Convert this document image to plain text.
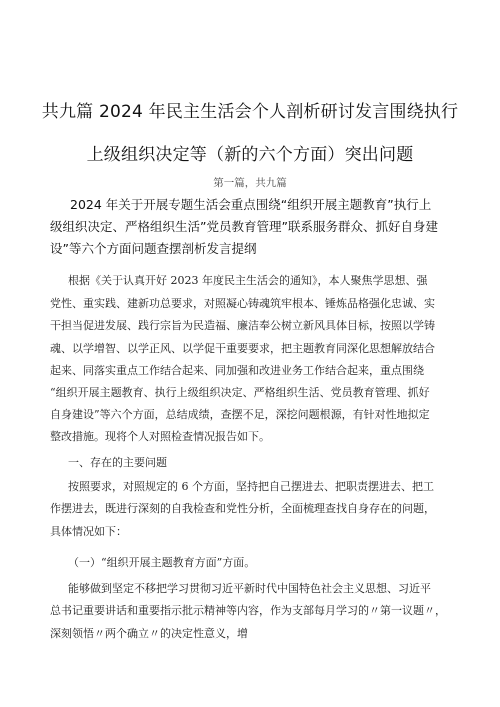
共九篇 2024 年民主生活会个人剖析研讨发言围绕执行
上级组织决定等（新的六个方面）突出问题
第一篇，共九篇
2024 年关于开展专题生活会重点围绕“组织开展主题教育”执行上
级组织决定、严格组织生活”党员教育管理”联系服务群众、抓好自身建
设”等六个方面问题查摆剖析发言提纲
根据《关于认真开好 2023 年度民主生活会的通知》，本人聚焦学思想、强
党性、重实践、建新功总要求，对照凝心铸魂筑牢根本、锤炼品格强化忠诚、实
干担当促进发展、践行宗旨为民造福、廉洁奉公树立新风具体目标，按照以学铸
魂、以学增智、以学正风、以学促干重要要求，把主题教育同深化思想解放结合
起来、同落实重点工作结合起来、同加强和改进业务工作结合起来，重点围绕
“组织开展主题教育、执行上级组织决定、严格组织生活、党员教育管理、抓好
自身建设”等六个方面，总结成绩，查摆不足，深挖问题根源，有针对性地拟定
整改措施。现将个人对照检查情况报告如下。
一、存在的主要问题
按照要求，对照规定的 6 个方面，坚持把自己摆进去、把职责摆进去、把工
作摆进去，既进行深刻的自我检查和党性分析，全面梳理查找自身存在的问题，
具体情况如下：
（一）“组织开展主题教育方面”方面。
能够做到坚定不移把学习贯彻习近平新时代中国特色社会主义思想、习近平
总书记重要讲话和重要指示批示精神等内容，作为支部每月学习的〃第一议题〃，
深刻领悟〃两个确立〃的决定性意义，增
